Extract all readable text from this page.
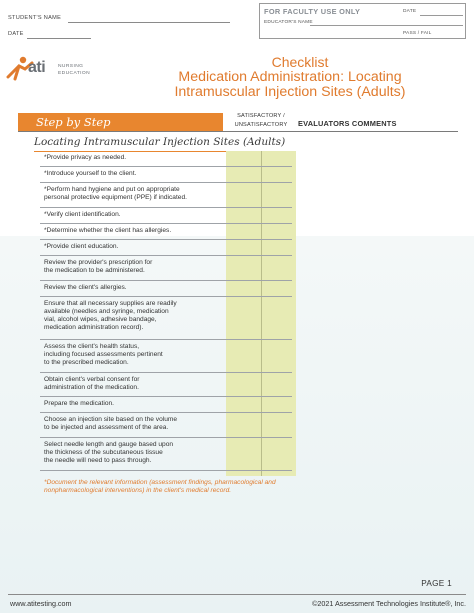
STUDENT'S NAME
DATE
FOR FACULTY USE ONLY	DATE
EDUCATOR'S NAME
PASS / FAIL
ati	NURSING
EDUCATION
Checklist
Medication Administration: Locating
Intramuscular Injection Sites (Adults)
Step by Step	SATISFACTORY /
UNSATISFACTORY	EVALUATORS COMMENTS
Locating Intramuscular Injection Sites (Adults)
*Provide privacy as needed.
*Introduce yourself to the client.
*Perform hand hygiene and put on appropriate
personal protective equipment (PPE) if indicated.
*Verify client identification.
*Determine whether the client has allergies.
*Provide client education.
Review the provider's prescription for
the medication to be administered.
Review the client's allergies.
Ensure that all necessary supplies are readily
available (needles and syringe, medication
vial, alcohol wipes, adhesive bandage,
medication administration record).
Assess the client's health status,
including focused assessments pertinent
to the prescribed medication.
Obtain client's verbal consent for
administration of the medication.
Prepare the medication.
Choose an injection site based on the volume
to be injected and assessment of the area.
Select needle length and gauge based upon
the thickness of the subcutaneous tissue
the needle will need to pass through.
*Document the relevant information (assessment findings, pharmacological and
nonpharmacological interventions) in the client's medical record.
PAGE 1
www.atitesting.com	©2021 Assessment Technologies Institute®, Inc.
